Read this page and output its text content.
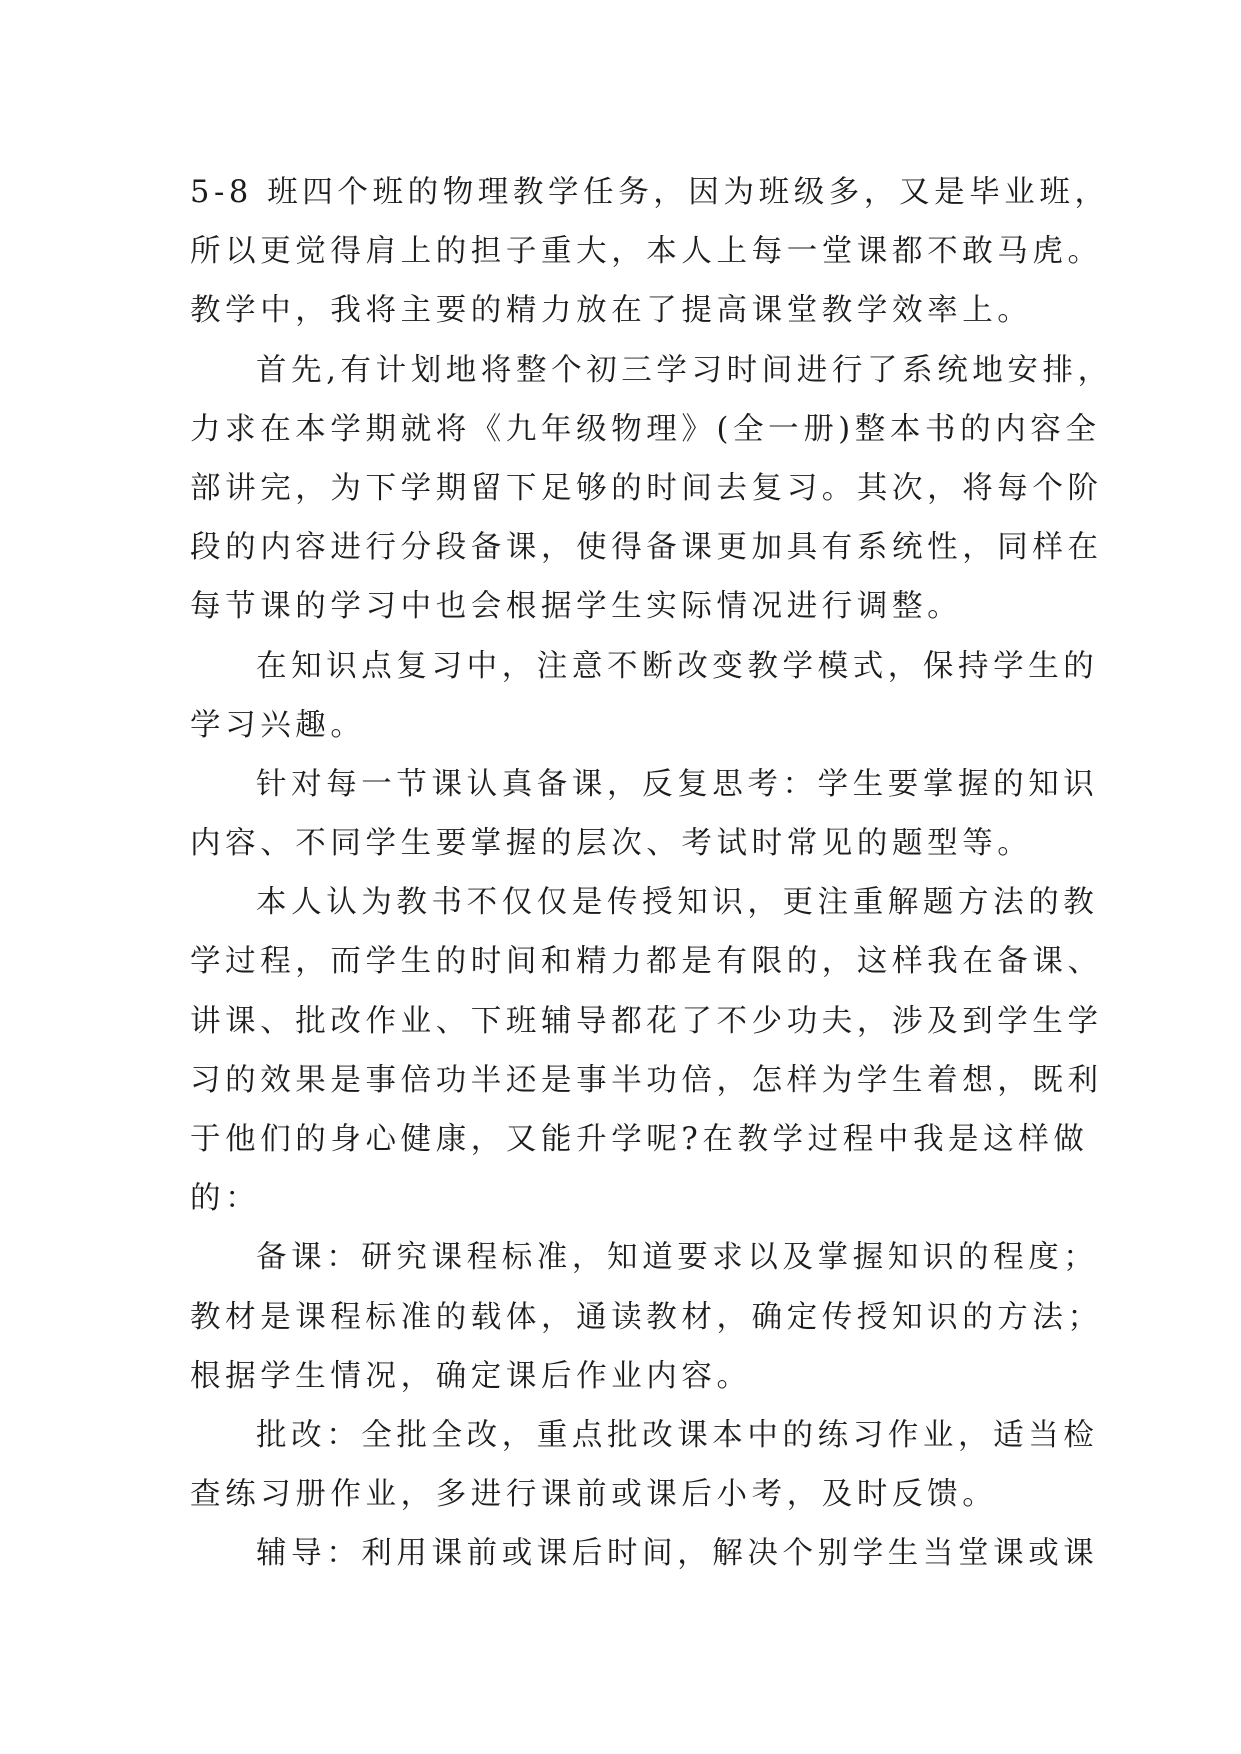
5-8 班四个班的物理教学任务，因为班级多，又是毕业班，
所以更觉得肩上的担子重大，本人上每一堂课都不敢马虎。
教学中，我将主要的精力放在了提高课堂教学效率上。
首先,有计划地将整个初三学习时间进行了系统地安排，
力求在本学期就将《九年级物理》(全一册)整本书的内容全
部讲完，为下学期留下足够的时间去复习。其次，将每个阶
段的内容进行分段备课，使得备课更加具有系统性，同样在
每节课的学习中也会根据学生实际情况进行调整。
在知识点复习中，注意不断改变教学模式，保持学生的
学习兴趣。
针对每一节课认真备课，反复思考：学生要掌握的知识
内容、不同学生要掌握的层次、考试时常见的题型等。
本人认为教书不仅仅是传授知识，更注重解题方法的教
学过程，而学生的时间和精力都是有限的，这样我在备课、
讲课、批改作业、下班辅导都花了不少功夫，涉及到学生学
习的效果是事倍功半还是事半功倍，怎样为学生着想，既利
于他们的身心健康，又能升学呢?在教学过程中我是这样做
的：
备课：研究课程标准，知道要求以及掌握知识的程度；
教材是课程标准的载体，通读教材，确定传授知识的方法；
根据学生情况，确定课后作业内容。
批改：全批全改，重点批改课本中的练习作业，适当检
查练习册作业，多进行课前或课后小考，及时反馈。
辅导：利用课前或课后时间，解决个别学生当堂课或课
